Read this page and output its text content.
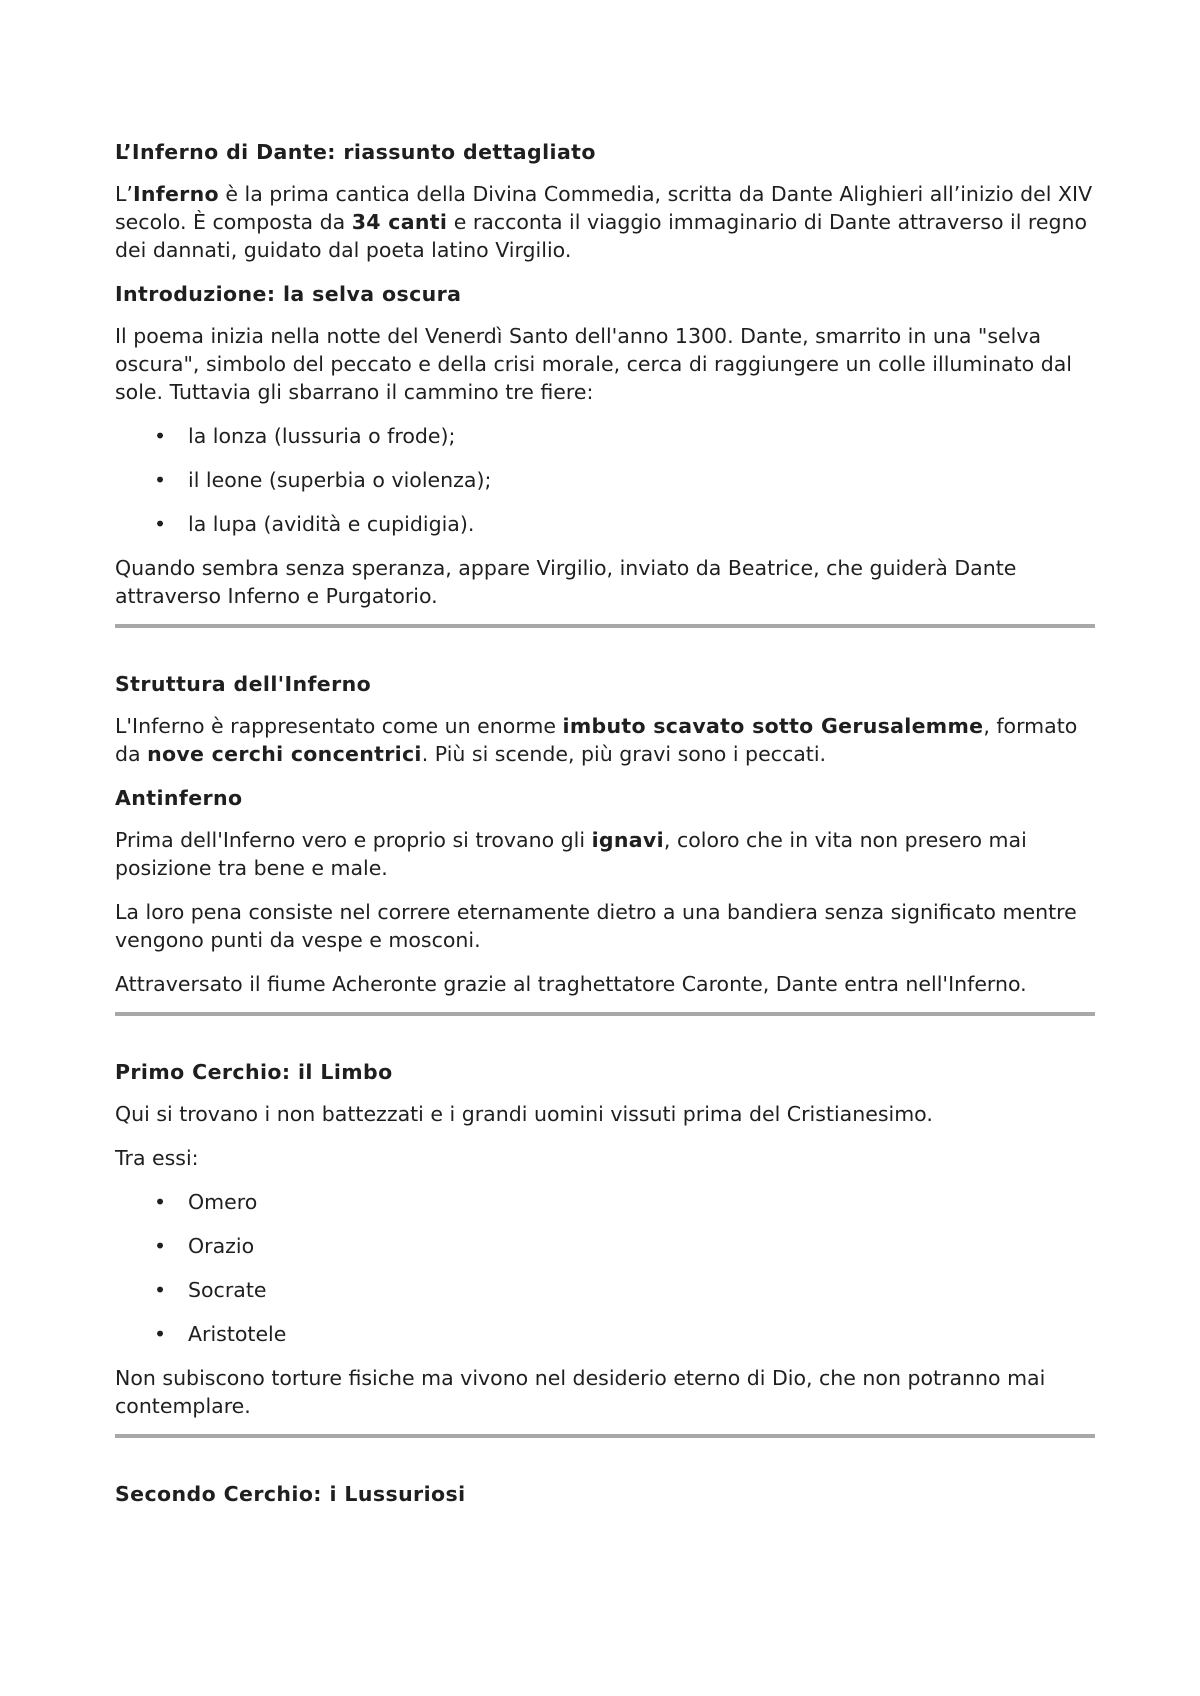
L’Inferno di Dante: riassunto dettagliato

L’Inferno è la prima cantica della Divina Commedia, scritta da Dante Alighieri all’inizio del XIV secolo. È composta da 34 canti e racconta il viaggio immaginario di Dante attraverso il regno dei dannati, guidato dal poeta latino Virgilio.

Introduzione: la selva oscura

Il poema inizia nella notte del Venerdì Santo dell'anno 1300. Dante, smarrito in una "selva oscura", simbolo del peccato e della crisi morale, cerca di raggiungere un colle illuminato dal sole. Tuttavia gli sbarrano il cammino tre fiere:

• la lonza (lussuria o frode);
• il leone (superbia o violenza);
• la lupa (avidità e cupidigia).

Quando sembra senza speranza, appare Virgilio, inviato da Beatrice, che guiderà Dante attraverso Inferno e Purgatorio.

Struttura dell'Inferno

L'Inferno è rappresentato come un enorme imbuto scavato sotto Gerusalemme, formato da nove cerchi concentrici. Più si scende, più gravi sono i peccati.

Antinferno

Prima dell'Inferno vero e proprio si trovano gli ignavi, coloro che in vita non presero mai posizione tra bene e male.

La loro pena consiste nel correre eternamente dietro a una bandiera senza significato mentre vengono punti da vespe e mosconi.

Attraversato il fiume Acheronte grazie al traghettatore Caronte, Dante entra nell'Inferno.

Primo Cerchio: il Limbo

Qui si trovano i non battezzati e i grandi uomini vissuti prima del Cristianesimo.

Tra essi:

• Omero
• Orazio
• Socrate
• Aristotele

Non subiscono torture fisiche ma vivono nel desiderio eterno di Dio, che non potranno mai contemplare.

Secondo Cerchio: i Lussuriosi
